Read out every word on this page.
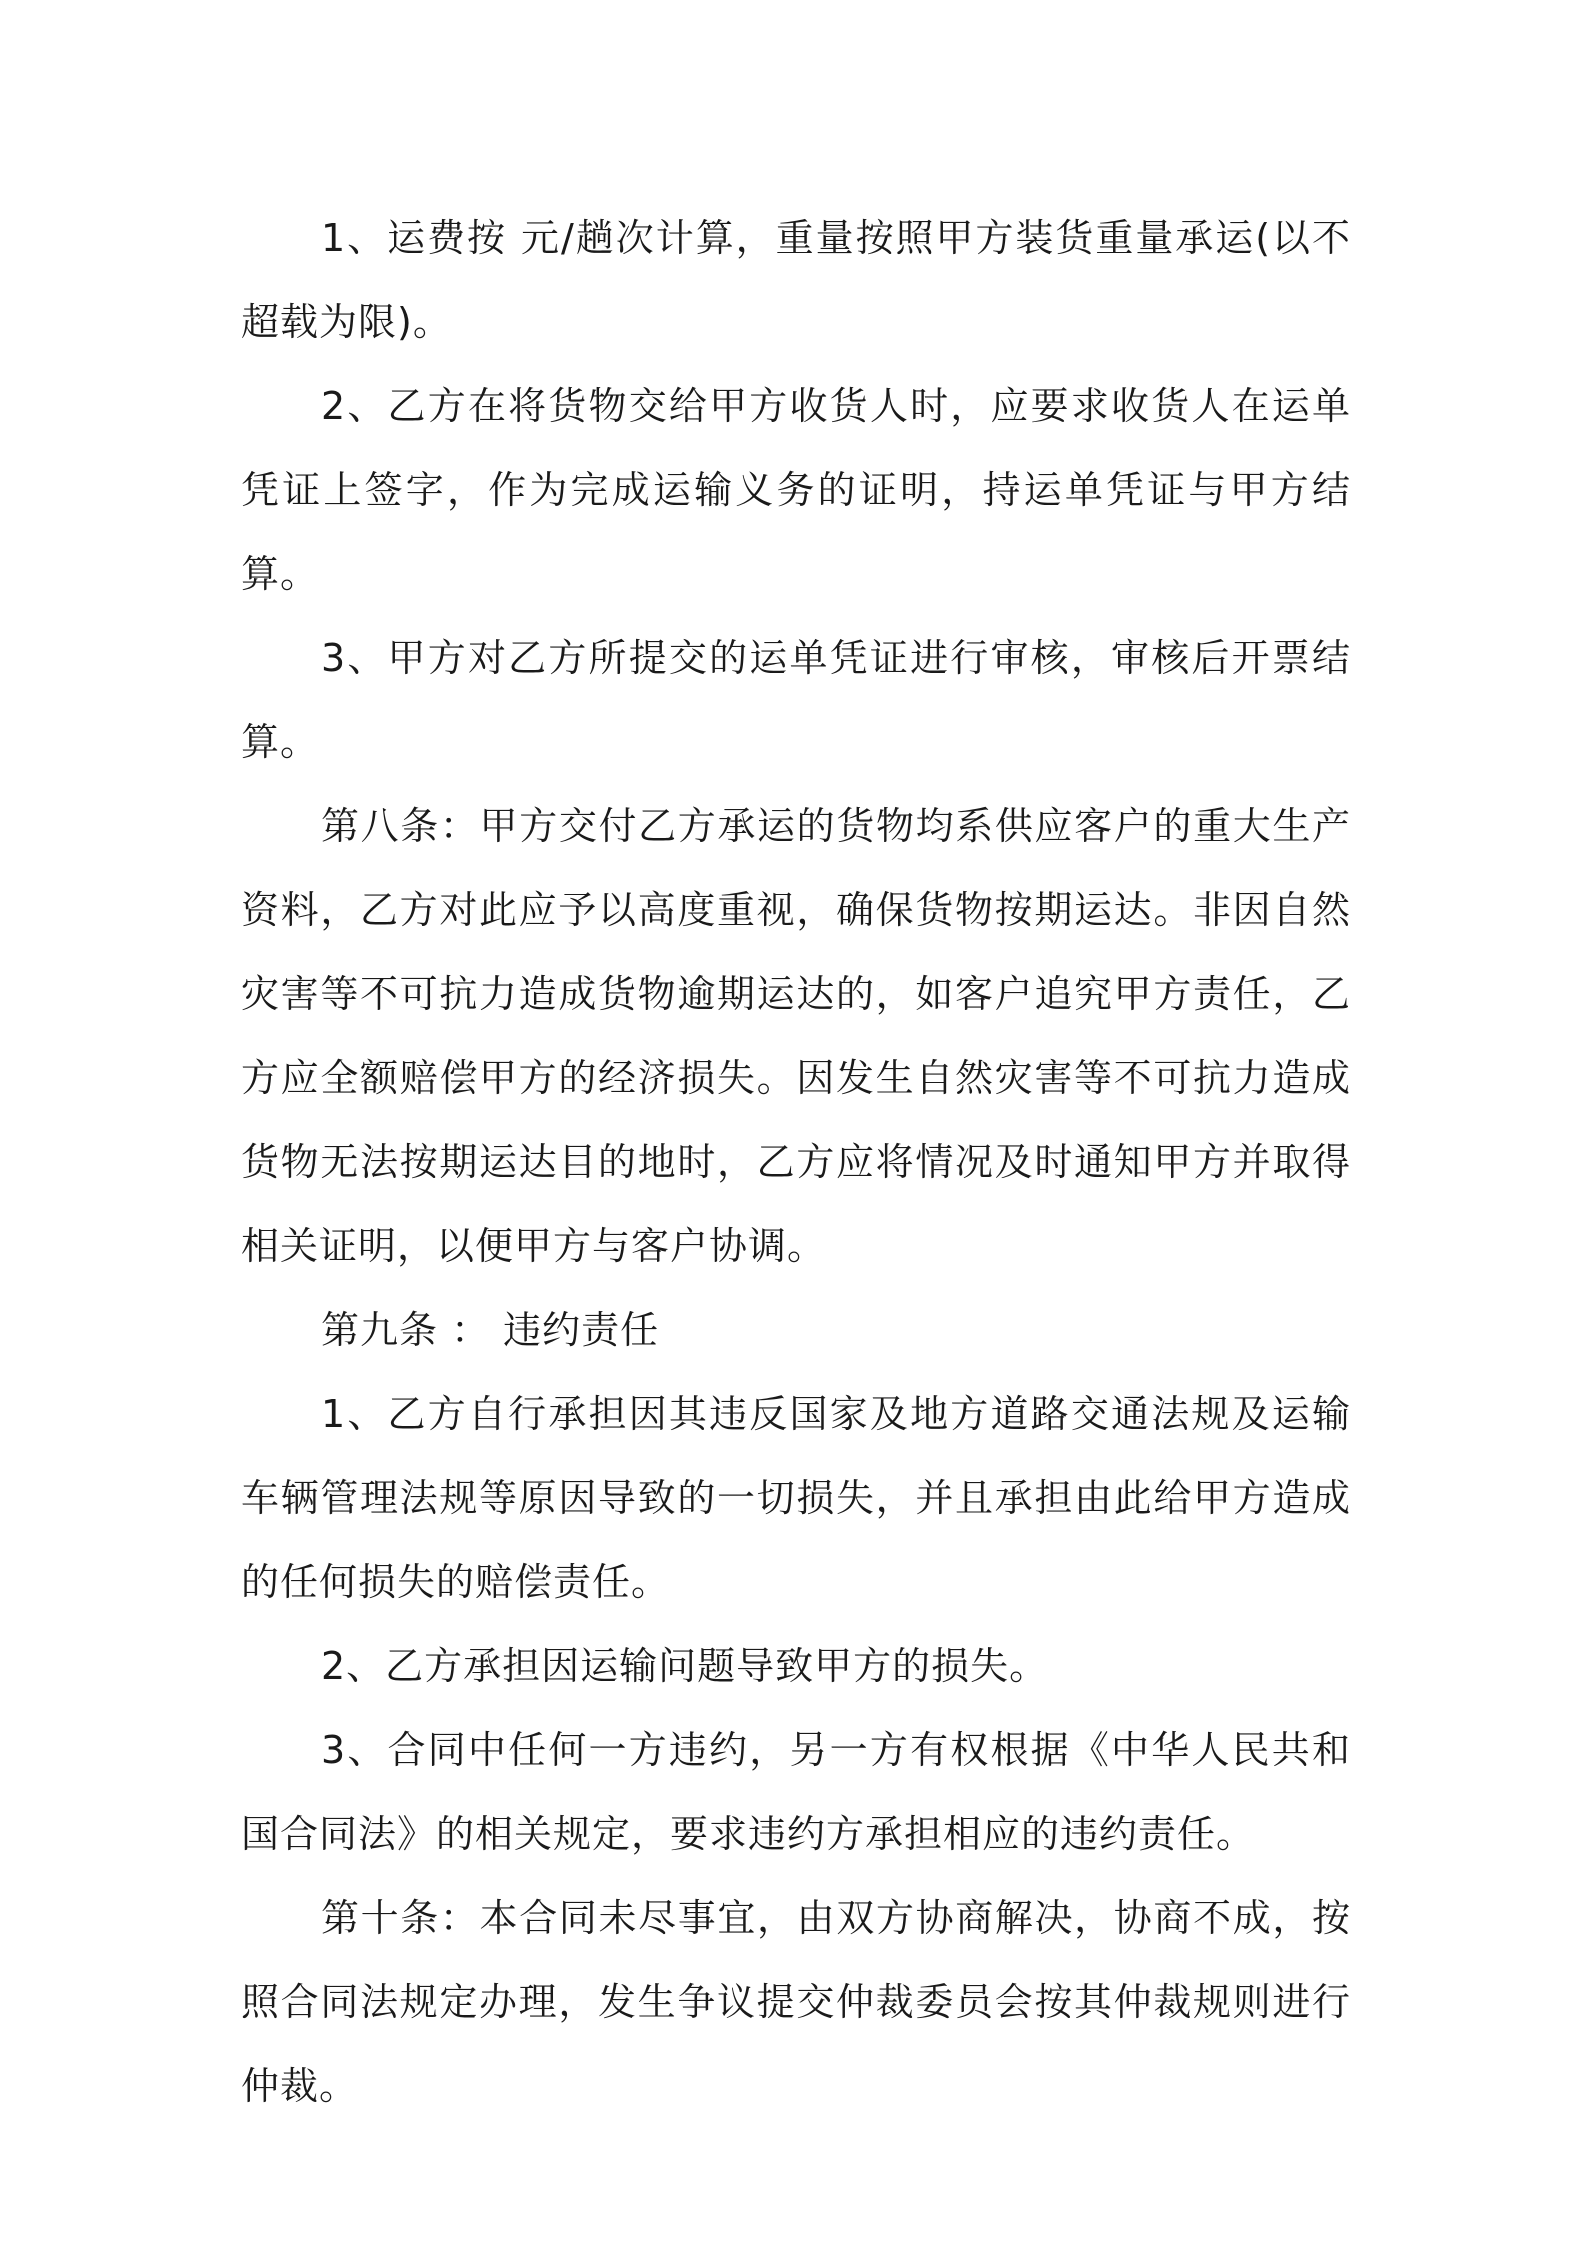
1、运费按 元/趟次计算，重量按照甲方装货重量承运(以不超载为限)。

2、乙方在将货物交给甲方收货人时，应要求收货人在运单凭证上签字，作为完成运输义务的证明，持运单凭证与甲方结算。

3、甲方对乙方所提交的运单凭证进行审核，审核后开票结算。

第八条：甲方交付乙方承运的货物均系供应客户的重大生产资料，乙方对此应予以高度重视，确保货物按期运达。非因自然灾害等不可抗力造成货物逾期运达的，如客户追究甲方责任，乙方应全额赔偿甲方的经济损失。因发生自然灾害等不可抗力造成货物无法按期运达目的地时，乙方应将情况及时通知甲方并取得相关证明，以便甲方与客户协调。

第九条 ： 违约责任

1、乙方自行承担因其违反国家及地方道路交通法规及运输车辆管理法规等原因导致的一切损失，并且承担由此给甲方造成的任何损失的赔偿责任。

2、乙方承担因运输问题导致甲方的损失。

3、合同中任何一方违约，另一方有权根据《中华人民共和国合同法》的相关规定，要求违约方承担相应的违约责任。

第十条：本合同未尽事宜，由双方协商解决，协商不成，按照合同法规定办理，发生争议提交仲裁委员会按其仲裁规则进行仲裁。
